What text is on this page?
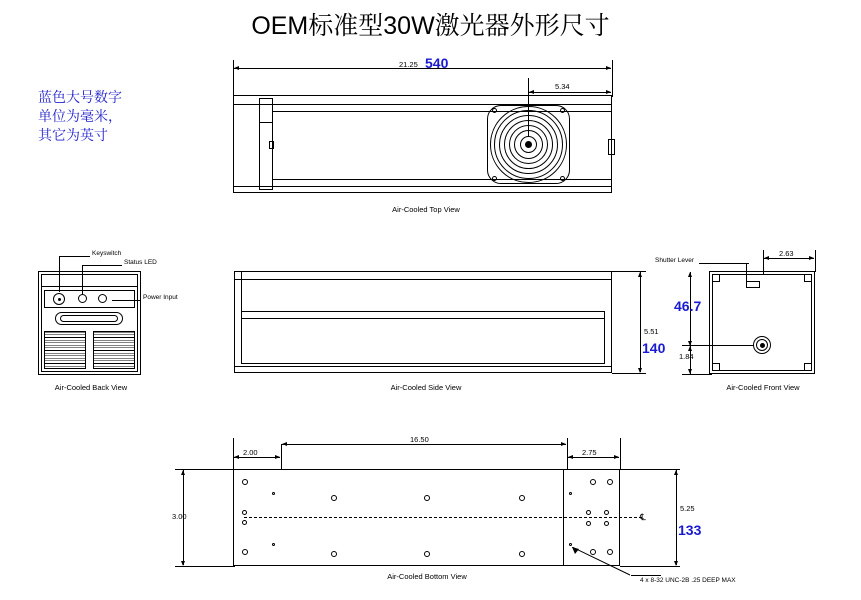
OEM标准型30W激光器外形尺寸
蓝色大号数字
单位为毫米，
其它为英寸
21.25 540
5.34
Air-Cooled Top View
Keyswitch
Status LED
Power Input
Air-Cooled Back View
5.51
140
Air-Cooled Side View
Shutter Lever
2.63
46.7
1.84
Air-Cooled Front View
℄
2.00
16.50
2.75
3.00
5.25
133
4 x 8-32 UNC-2B .25 DEEP MAX
Air-Cooled Bottom View
